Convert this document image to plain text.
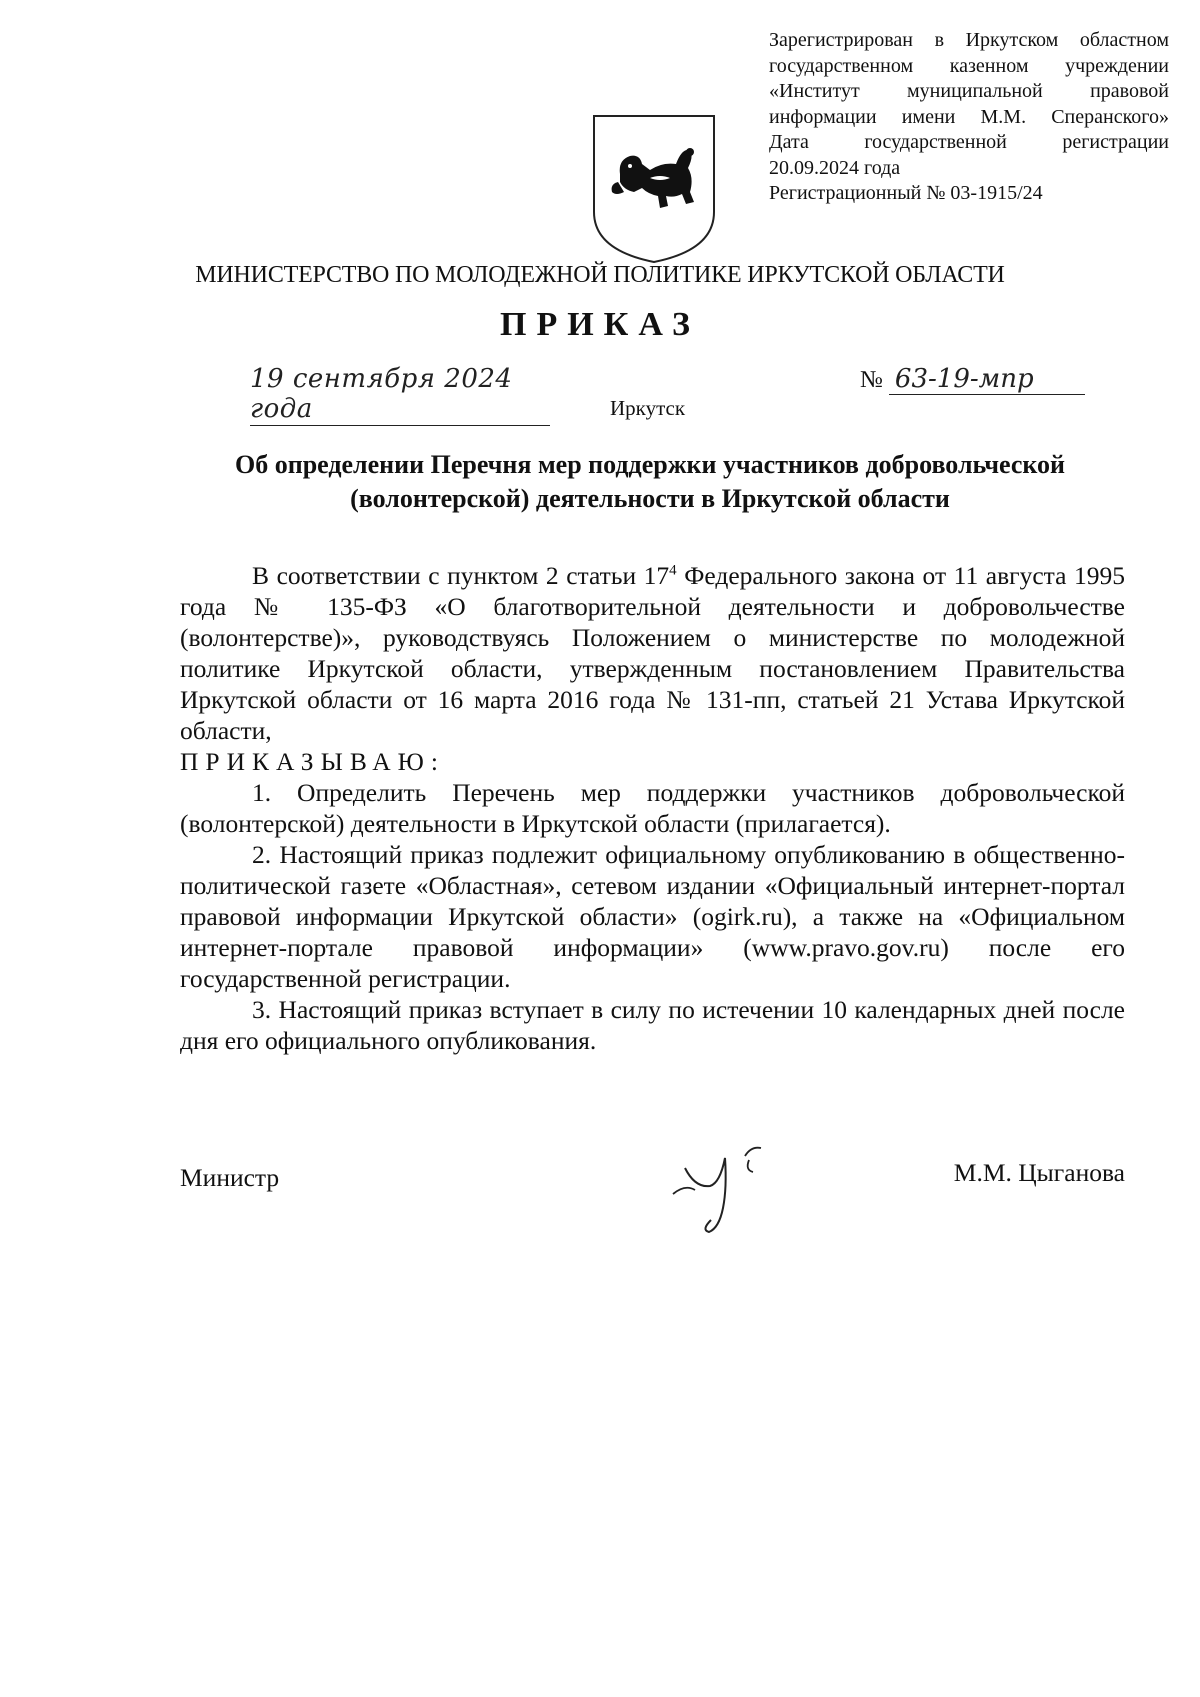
Зарегистрирован в Иркутском областном
государственном казенном учреждении
«Институт муниципальной правовой
информации имени М.М. Сперанского»
Дата государственной регистрации
20.09.2024 года
Регистрационный № 03-1915/24
МИНИСТЕРСТВО ПО МОЛОДЕЖНОЙ ПОЛИТИКЕ ИРКУТСКОЙ ОБЛАСТИ
ПРИКАЗ
19 сентября 2024 года
№ 63-19-мпр
Иркутск
Об определении Перечня мер поддержки участников добровольческой
(волонтерской) деятельности в Иркутской области

В соответствии с пунктом 2 статьи $17^4$ Федерального закона от 11 августа 1995 года № 135-ФЗ «О благотворительной деятельности и добровольчестве (волонтерстве)», руководствуясь Положением о министерстве по молодежной политике Иркутской области, утвержденным постановлением Правительства Иркутской области от 16 марта 2016 года № 131-пп, статьей 21 Устава Иркутской области,

ПРИКАЗЫВАЮ:

1. Определить Перечень мер поддержки участников добровольческой (волонтерской) деятельности в Иркутской области (прилагается).

2. Настоящий приказ подлежит официальному опубликованию в общественно-политической газете «Областная», сетевом издании «Официальный интернет-портал правовой информации Иркутской области» (ogirk.ru), а также на «Официальном интернет-портале правовой информации» (www.pravo.gov.ru) после его государственной регистрации.

3. Настоящий приказ вступает в силу по истечении 10 календарных дней после дня его официального опубликования.

Министр	М.М. Цыганова
